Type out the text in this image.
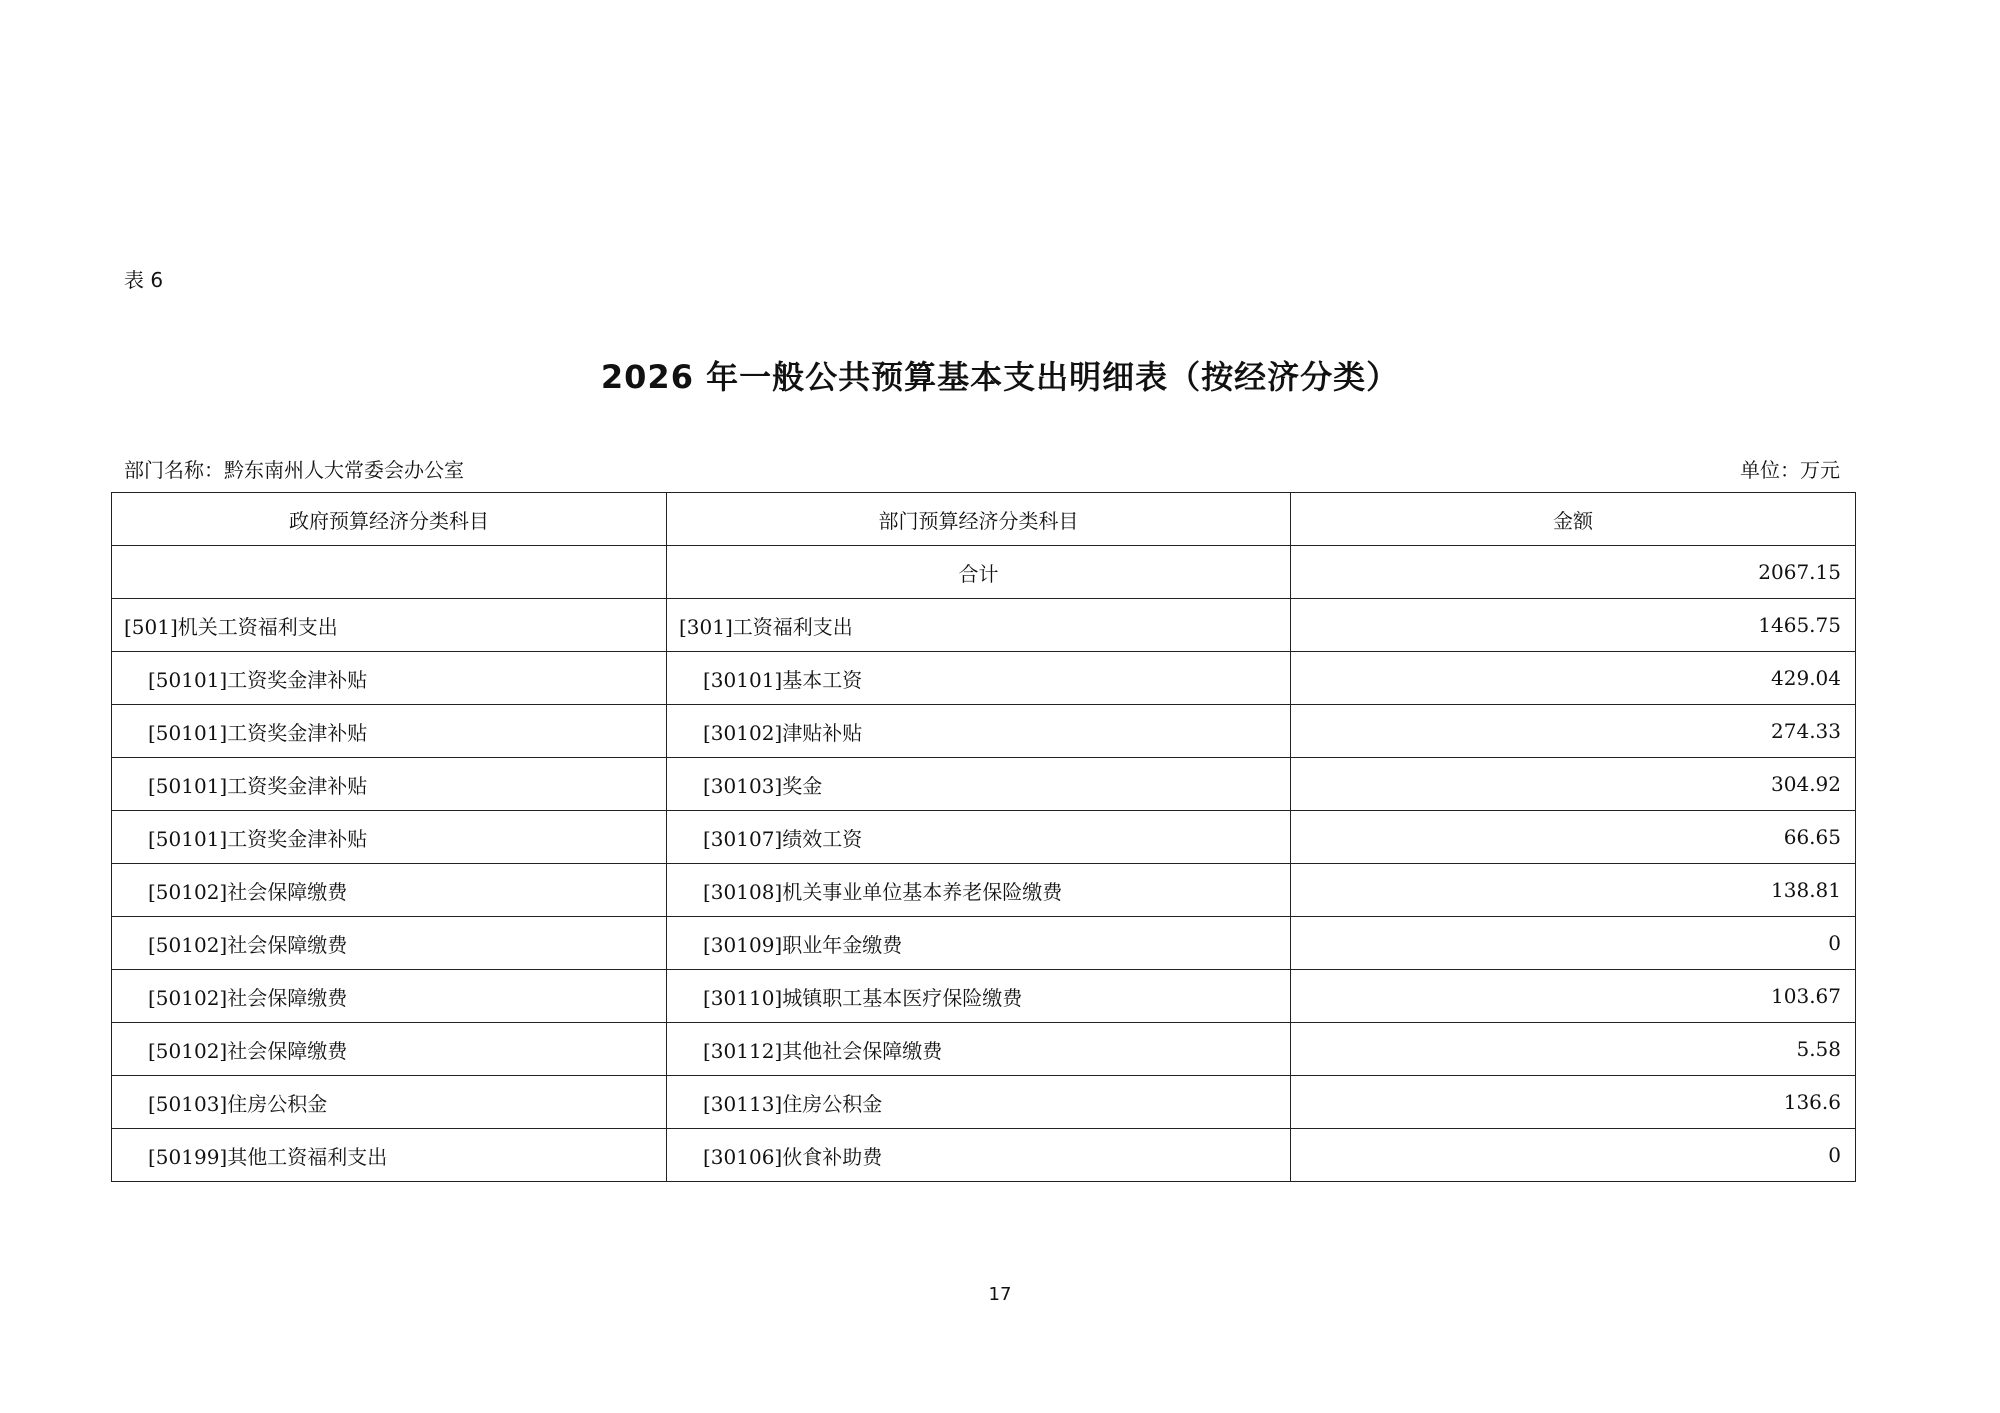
表 6
2026 年一般公共预算基本支出明细表（按经济分类）
部门名称：黔东南州人大常委会办公室	单位：万元
政府预算经济分类科目	部门预算经济分类科目	金额
	合计	2067.15
[501]机关工资福利支出	[301]工资福利支出	1465.75
[50101]工资奖金津补贴	[30101]基本工资	429.04
[50101]工资奖金津补贴	[30102]津贴补贴	274.33
[50101]工资奖金津补贴	[30103]奖金	304.92
[50101]工资奖金津补贴	[30107]绩效工资	66.65
[50102]社会保障缴费	[30108]机关事业单位基本养老保险缴费	138.81
[50102]社会保障缴费	[30109]职业年金缴费	0
[50102]社会保障缴费	[30110]城镇职工基本医疗保险缴费	103.67
[50102]社会保障缴费	[30112]其他社会保障缴费	5.58
[50103]住房公积金	[30113]住房公积金	136.6
[50199]其他工资福利支出	[30106]伙食补助费	0
17
